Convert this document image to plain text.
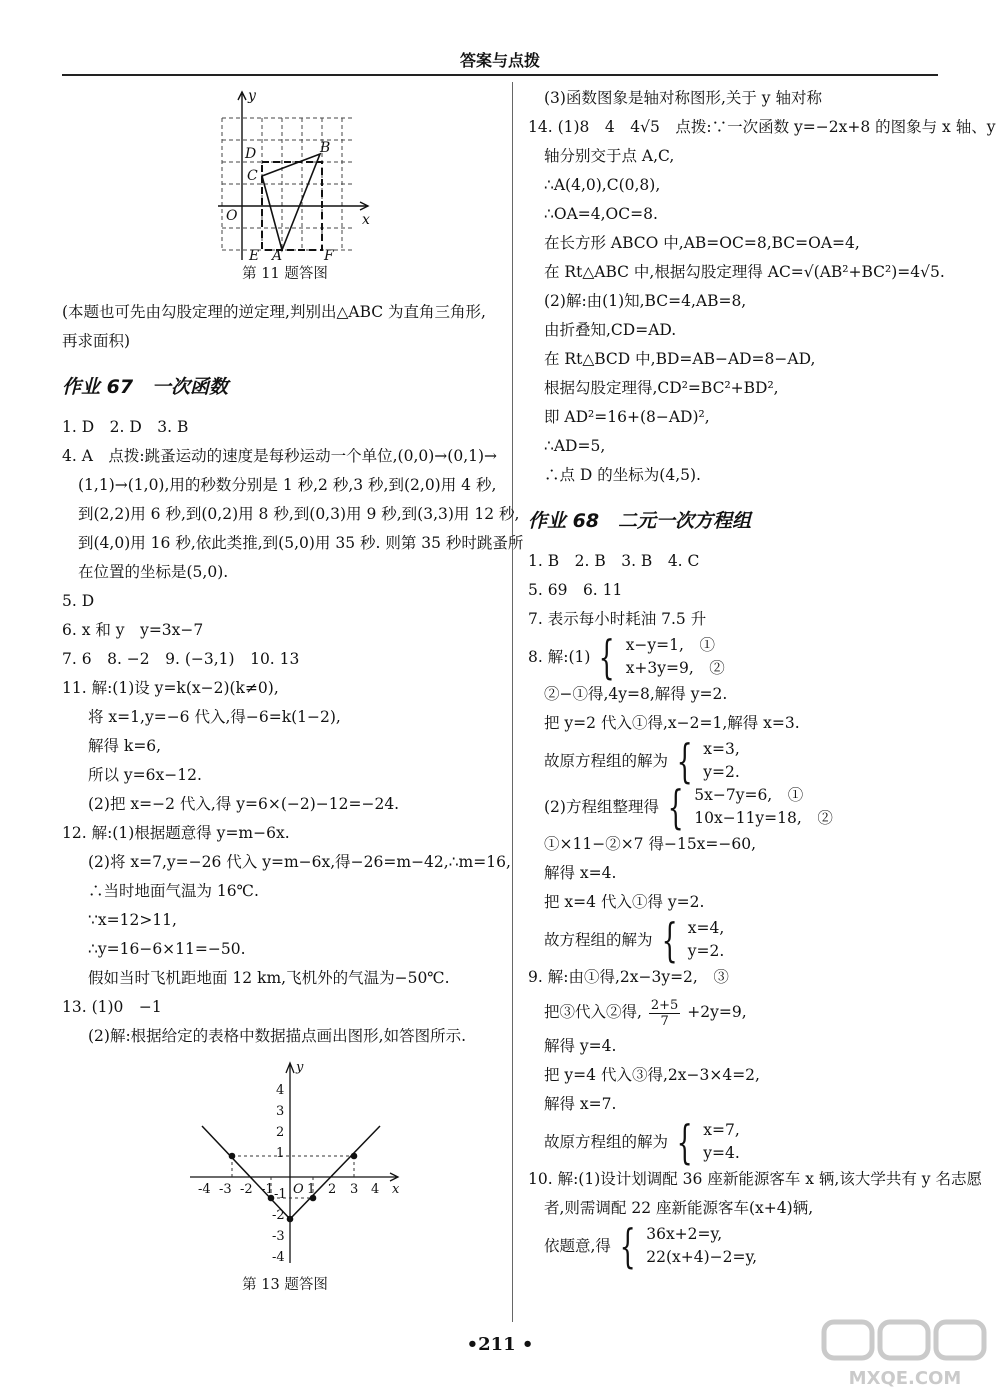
答案与点拨
y
x
O
D
C
B
E A	F
第 11 题答图
(本题也可先由勾股定理的逆定理,判别出△ABC 为直角三角形,
再求面积)
作业 67　一次函数
1. D　2. D　3. B
4. A　点拨:跳蚤运动的速度是每秒运动一个单位,(0,0)→(0,1)→
(1,1)→(1,0),用的秒数分别是 1 秒,2 秒,3 秒,到(2,0)用 4 秒,
到(2,2)用 6 秒,到(0,2)用 8 秒,到(0,3)用 9 秒,到(3,3)用 12 秒,
到(4,0)用 16 秒,依此类推,到(5,0)用 35 秒. 则第 35 秒时跳蚤所
在位置的坐标是(5,0).
5. D
6. x 和 y　y=3x−7
7. 6　8. −2　9. (−3,1)　10. 13
11. 解:(1)设 y=k(x−2)(k≠0),
将 x=1,y=−6 代入,得−6=k(1−2),
解得 k=6,
所以 y=6x−12.
(2)把 x=−2 代入,得 y=6×(−2)−12=−24.
12. 解:(1)根据题意得 y=m−6x.
(2)将 x=7,y=−26 代入 y=m−6x,得−26=m−42,∴m=16,
∴当时地面气温为 16℃.
∵x=12>11,
∴y=16−6×11=−50.
假如当时飞机距地面 12 km,飞机外的气温为−50℃.
13. (1)0　−1
(2)解:根据给定的表格中数据描点画出图形,如答图所示.
y
x
4
3
2
1
-1
-2
-3
-4
-4 -3 -2 -1 O 1 2 3 4
第 13 题答图
(3)函数图象是轴对称图形,关于 y 轴对称
14. (1)8　4　4√5　点拨:∵一次函数 y=−2x+8 的图象与 x 轴、y
轴分别交于点 A,C,
∴A(4,0),C(0,8),
∴OA=4,OC=8.
在长方形 ABCO 中,AB=OC=8,BC=OA=4,
在 Rt△ABC 中,根据勾股定理得 AC=√(AB²+BC²)=4√5.
(2)解:由(1)知,BC=4,AB=8,
由折叠知,CD=AD.
在 Rt△BCD 中,BD=AB−AD=8−AD,
根据勾股定理得,CD²=BC²+BD²,
即 AD²=16+(8−AD)²,
∴AD=5,
∴点 D 的坐标为(4,5).
作业 68　二元一次方程组
1. B　2. B　3. B　4. C
5. 69　6. 11
7. 表示每小时耗油 7.5 升
8. 解:(1) { x−y=1,　①
x+3y=9,　②
②−①得,4y=8,解得 y=2.
把 y=2 代入①得,x−2=1,解得 x=3.
故原方程组的解为 { x=3,
y=2.
(2)方程组整理得 { 5x−7y=6,　①
10x−11y=18,　②
①×11−②×7 得−15x=−60,
解得 x=4.
把 x=4 代入①得 y=2.
故方程组的解为 { x=4,
y=2.
9. 解:由①得,2x−3y=2,　③
把③代入②得, $\frac{2+5}{7} +2y=9$,
解得 y=4.
把 y=4 代入③得,2x−3×4=2,
解得 x=7.
故原方程组的解为 { x=7,
y=4.
10. 解:(1)设计划调配 36 座新能源客车 x 辆,该大学共有 y 名志愿
者,则需调配 22 座新能源客车(x+4)辆,
依题意,得 { 36x+2=y,
22(x+4)−2=y,
•211 •
MXQE.COM
